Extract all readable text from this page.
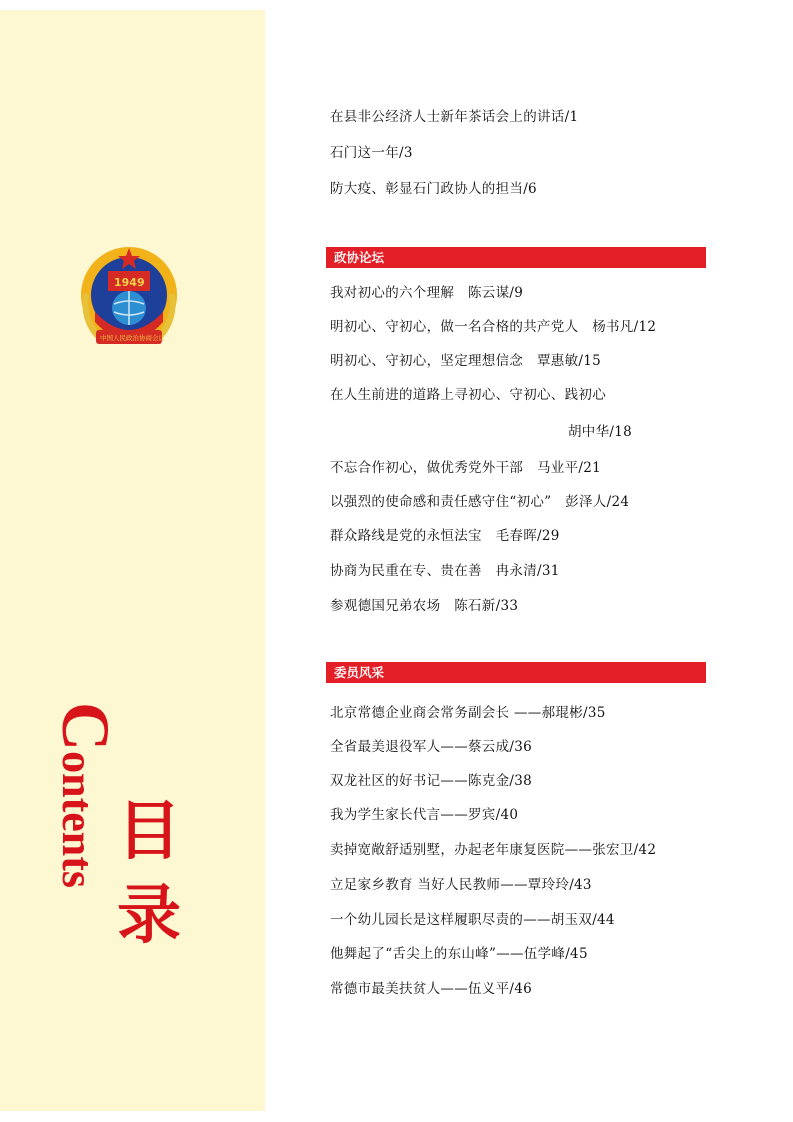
1949
中国人民政治协商会议
Contents 目
录
在县非公经济人士新年茶话会上的讲话/1
石门这一年/3
防大疫、彰显石门政协人的担当/6
政协论坛
我对初心的六个理解　陈云谋/9
明初心、守初心，做一名合格的共产党人　杨书凡/12
明初心、守初心，坚定理想信念　覃惠敏/15
在人生前进的道路上寻初心、守初心、践初心
胡中华/18
不忘合作初心，做优秀党外干部　马业平/21
以强烈的使命感和责任感守住“初心”　彭泽人/24
群众路线是党的永恒法宝　毛春晖/29
协商为民重在专、贵在善　冉永清/31
参观德国兄弟农场　陈石新/33
委员风采
北京常德企业商会常务副会长 ——郝琨彬/35
全省最美退役军人——蔡云成/36
双龙社区的好书记——陈克金/38
我为学生家长代言——罗宾/40
卖掉宽敞舒适别墅，办起老年康复医院——张宏卫/42
立足家乡教育 当好人民教师——覃玲玲/43
一个幼儿园长是这样履职尽责的——胡玉双/44
他舞起了“舌尖上的东山峰”——伍学峰/45
常德市最美扶贫人——伍义平/46
